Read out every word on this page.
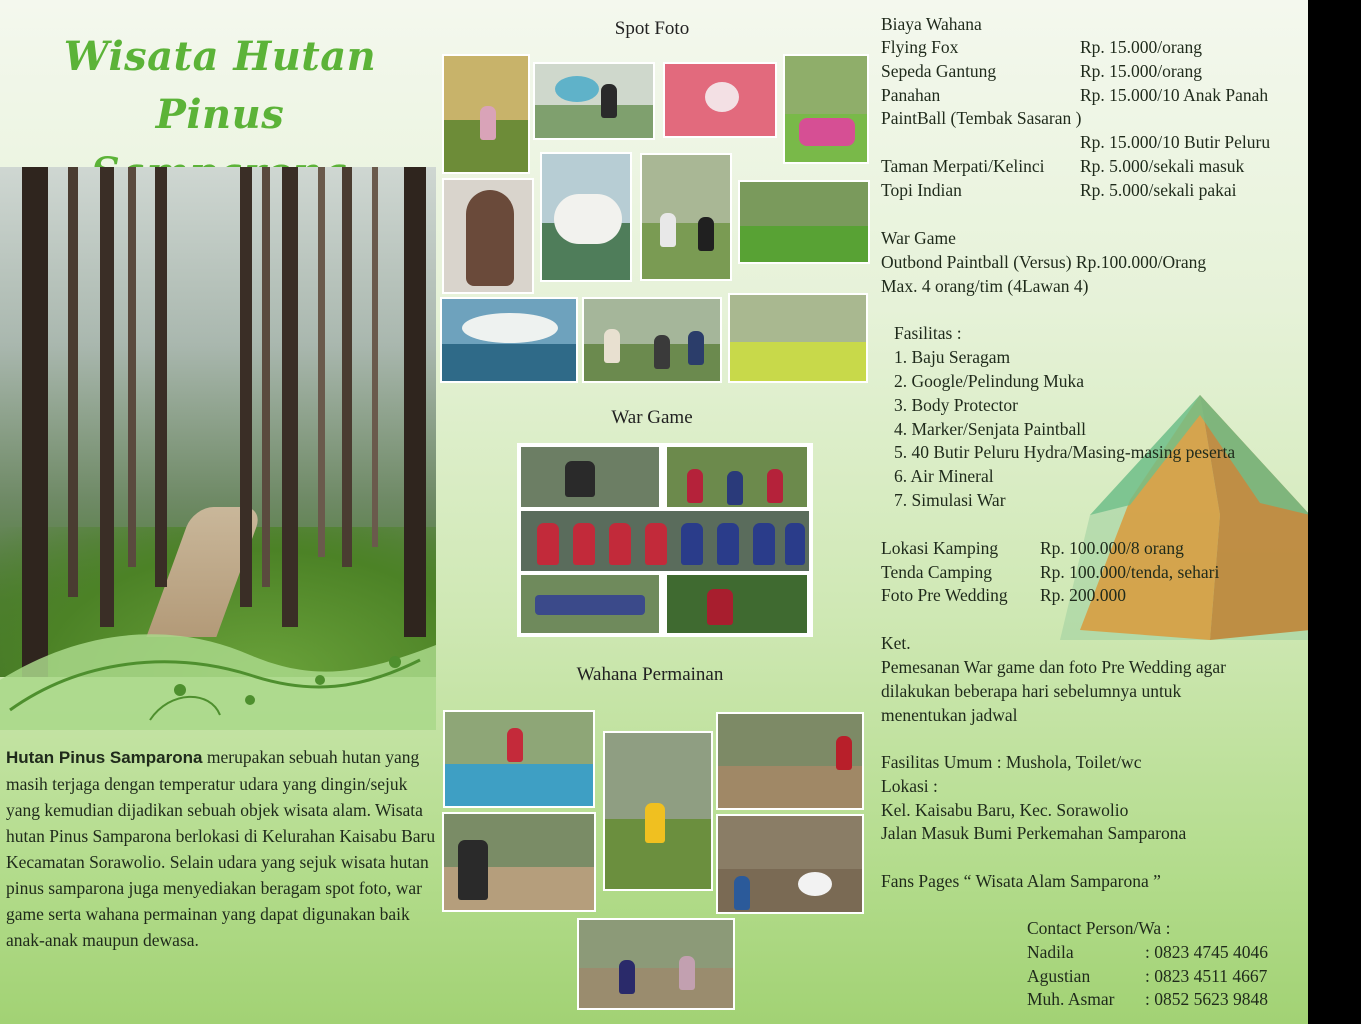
Wisata Hutan Pinus
Hutan Pinus Samparona merupakan sebuah hutan yang masih terjaga dengan temperatur udara yang dingin/sejuk yang kemudian dijadikan sebuah objek wisata alam. Wisata hutan Pinus Samparona berlokasi di Kelurahan Kaisabu Baru Kecamatan Sorawolio. Selain udara yang sejuk wisata hutan pinus samparona juga menyediakan beragam spot foto, war game serta wahana permainan yang dapat digunakan baik anak-anak maupun dewasa.
Spot Foto
War Game
Wahana Permainan
Biaya Wahana
Flying Fox	Rp. 15.000/orang
Sepeda Gantung	Rp. 15.000/orang
Panahan	Rp. 15.000/10 Anak Panah
PaintBall (Tembak Sasaran )
Rp. 15.000/10 Butir Peluru
Taman Merpati/Kelinci Rp. 5.000/sekali masuk
Topi Indian	Rp. 5.000/sekali pakai
War Game
Outbond Paintball (Versus) Rp.100.000/Orang
Max. 4 orang/tim (4Lawan 4)
Fasilitas :
1. Baju Seragam
2. Google/Pelindung Muka
3. Body Protector
4. Marker/Senjata Paintball
5. 40 Butir Peluru Hydra/Masing-masing peserta
6. Air Mineral
7. Simulasi War
Lokasi Kamping Rp. 100.000/8 orang
Tenda Camping	Rp. 100.000/tenda, sehari
Foto Pre Wedding Rp. 200.000
Ket.
Pemesanan War game dan foto Pre Wedding agar
dilakukan beberapa hari sebelumnya untuk
menentukan jadwal
Fasilitas Umum : Mushola, Toilet/wc
Lokasi :
Kel. Kaisabu Baru, Kec. Sorawolio
Jalan Masuk Bumi Perkemahan Samparona
Fans Pages “ Wisata Alam Samparona ”
Contact Person/Wa :
Nadila	: 0823 4745 4046
Agustian	: 0823 4511 4667
Muh. Asmar : 0852 5623 9848
